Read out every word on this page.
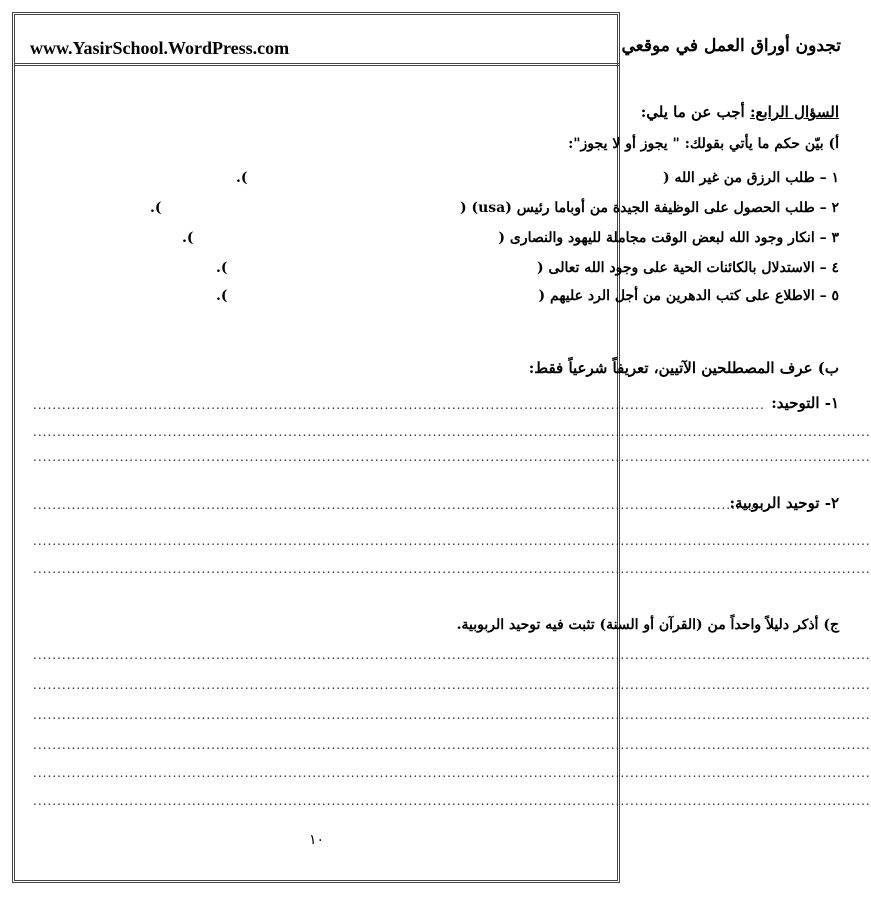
www.YasirSchool.WordPress.com	تجدون أوراق العمل في موقعي
السؤال الرابع: أجب عن ما يلي:
أ) بيّن حكم ما يأتي بقولك: " يجوز أو لا يجوز":
١ – طلب الرزق من غير الله (
).
٢ – طلب الحصول على الوظيفة الجيدة من أوباما رئيس (usa) (
).
٣ – انكار وجود الله لبعض الوقت مجاملة لليهود والنصارى (
).
٤ – الاستدلال بالكائنات الحية على وجود الله تعالى (
).
٥ – الاطلاع على كتب الدهرين من أجل الرد عليهم (
).
ب) عرف المصطلحين الآتيين، تعريفاً شرعياً فقط:
١- التوحيد:
........................................................................................................................................................
..............................................................................................................................................................................
..............................................................................................................................................................................
٢- توحيد الربوبية:
........................................................................................................................................................
..............................................................................................................................................................................
..............................................................................................................................................................................
ج) أذكر دليلاً واحداً من (القرآن أو السنة) تثبت فيه توحيد الربوبية.
..............................................................................................................................................................................
..............................................................................................................................................................................
..............................................................................................................................................................................
..............................................................................................................................................................................
..............................................................................................................................................................................
..............................................................................................................................................................................
١٠
